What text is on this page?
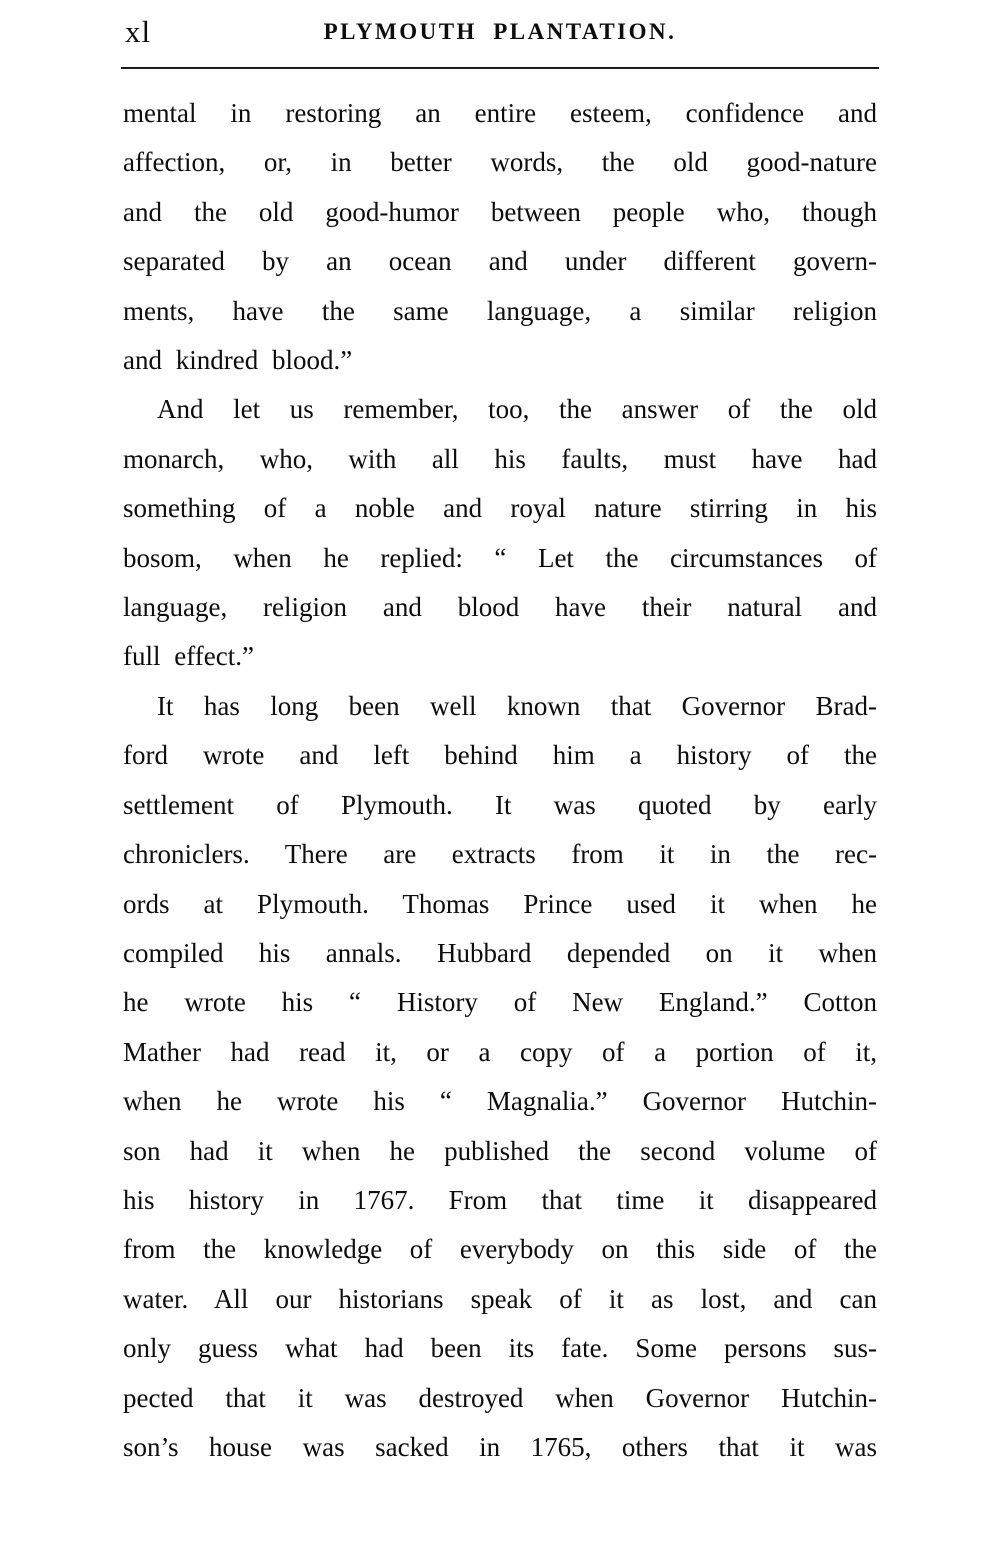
xl	PLYMOUTH PLANTATION.
mental in restoring an entire esteem, confidence and
affection, or, in better words, the old good-nature
and the old good-humor between people who, though
separated by an ocean and under different govern-
ments, have the same language, a similar religion
and kindred blood.”
And let us remember, too, the answer of the old
monarch, who, with all his faults, must have had
something of a noble and royal nature stirring in his
bosom, when he replied: “ Let the circumstances of
language, religion and blood have their natural and
full effect.”
It has long been well known that Governor Brad-
ford wrote and left behind him a history of the
settlement of Plymouth. It was quoted by early
chroniclers. There are extracts from it in the rec-
ords at Plymouth. Thomas Prince used it when he
compiled his annals. Hubbard depended on it when
he wrote his “ History of New England.” Cotton
Mather had read it, or a copy of a portion of it,
when he wrote his “ Magnalia.” Governor Hutchin-
son had it when he published the second volume of
his history in 1767. From that time it disappeared
from the knowledge of everybody on this side of the
water. All our historians speak of it as lost, and can
only guess what had been its fate. Some persons sus-
pected that it was destroyed when Governor Hutchin-
son’s house was sacked in 1765, others that it was
